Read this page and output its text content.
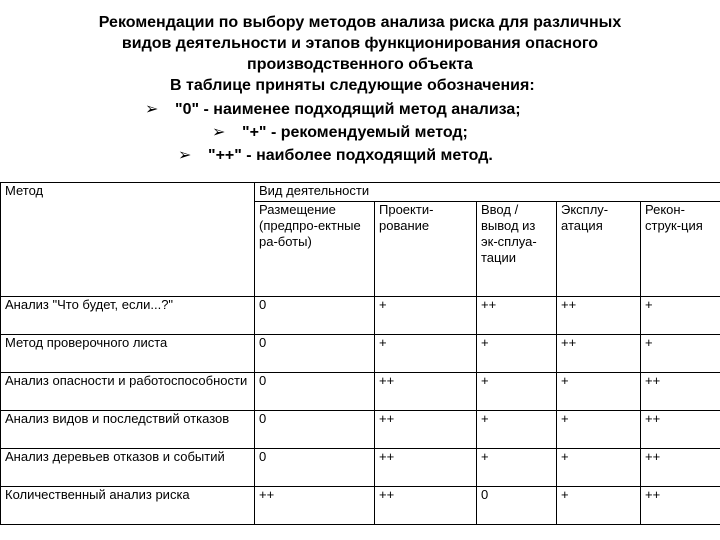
Рекомендации по выбору методов анализа риска для различных
видов деятельности и этапов функционирования опасного
производственного объекта
В таблице приняты следующие обозначения:
➢ "0" - наименее подходящий метод анализа;
➢ "+" - рекомендуемый метод;
➢ "++" - наиболее подходящий метод.
Метод	Вид деятельности				
	Размещение (предпро-ектные ра-боты)	Проекти-рование	Ввод / вывод из эк-сплуа-тации	Эксплу-атация	Рекон-струк-ция
Анализ "Что будет, если...?"	0	+	++	++	+
Метод проверочного листа	0	+	+	++	+
Анализ опасности и работоспособности	0	++	+	+	++
Анализ видов и последствий отказов	0	++	+	+	++
Анализ деревьев отказов и событий	0	++	+	+	++
Количественный анализ риска	++	++	0	+	++
